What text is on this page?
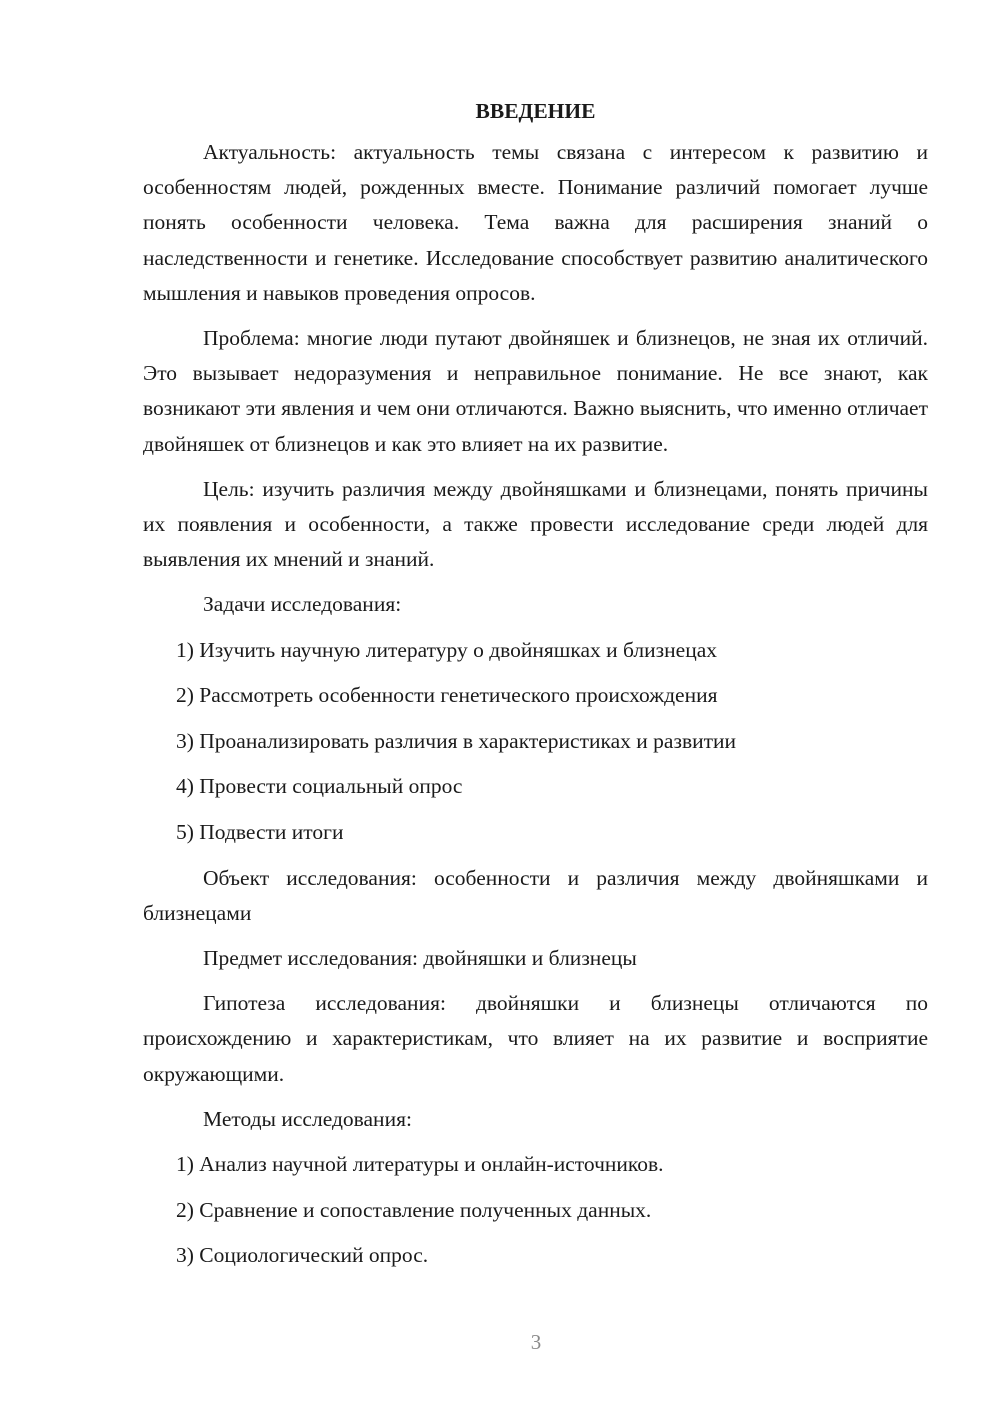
ВВЕДЕНИЕ

Актуальность: актуальность темы связана с интересом к развитию и особенностям людей, рожденных вместе. Понимание различий помогает лучше понять особенности человека. Тема важна для расширения знаний о наследственности и генетике. Исследование способствует развитию аналитического мышления и навыков проведения опросов.

Проблема: многие люди путают двойняшек и близнецов, не зная их отличий. Это вызывает недоразумения и неправильное понимание. Не все знают, как возникают эти явления и чем они отличаются. Важно выяснить, что именно отличает двойняшек от близнецов и как это влияет на их развитие.

Цель: изучить различия между двойняшками и близнецами, понять причины их появления и особенности, а также провести исследование среди людей для выявления их мнений и знаний.

Задачи исследования:

1) Изучить научную литературу о двойняшках и близнецах
2) Рассмотреть особенности генетического происхождения
3) Проанализировать различия в характеристиках и развитии
4) Провести социальный опрос
5) Подвести итоги

Объект исследования: особенности и различия между двойняшками и близнецами

Предмет исследования: двойняшки и близнецы

Гипотеза исследования: двойняшки и близнецы отличаются по происхождению и характеристикам, что влияет на их развитие и восприятие окружающими.

Методы исследования:

1) Анализ научной литературы и онлайн-источников.
2) Сравнение и сопоставление полученных данных.
3) Социологический опрос.
3
